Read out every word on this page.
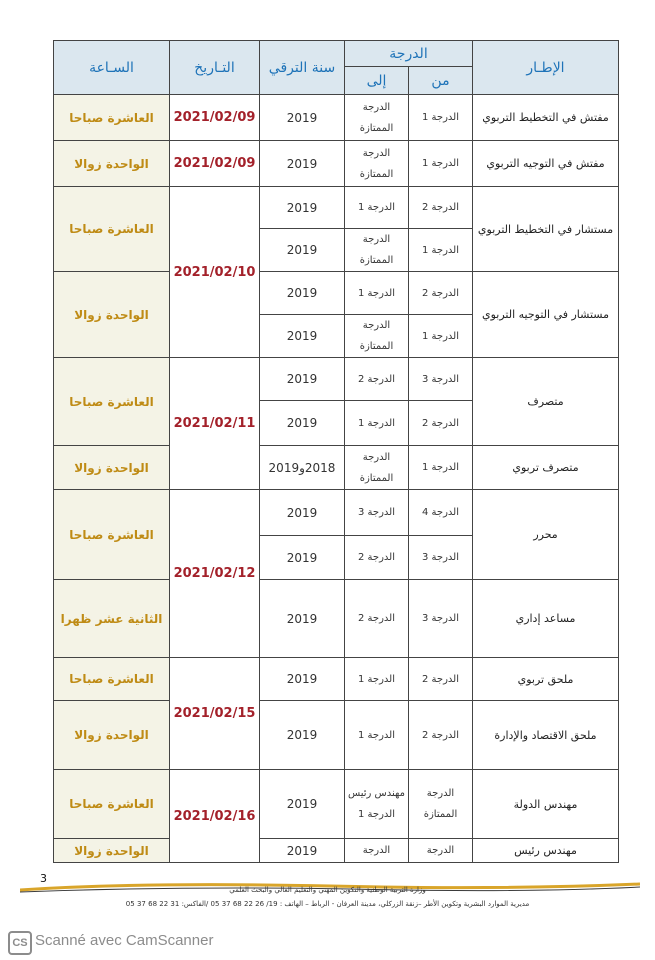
الإطـار	الدرجة		سنة الترقي	التـاريخ	السـاعة
	من	إلى			
مفتش في التخطيط التربوي	الدرجة 1	الدرجة الممتازة	2019	2021/02/09	العاشرة صباحا
مفتش في التوجيه التربوي	الدرجة 1	الدرجة الممتازة	2019	2021/02/09	الواحدة زوالا
مستشار في التخطيط التربوي	الدرجة 2	الدرجة 1	2019	2021/02/10	العاشرة صباحا
	الدرجة 1	الدرجة الممتازة	2019		
مستشار في التوجيه التربوي	الدرجة 2	الدرجة 1	2019		الواحدة زوالا
	الدرجة 1	الدرجة الممتازة	2019		
متصرف	الدرجة 3	الدرجة 2	2019	2021/02/11	العاشرة صباحا
	الدرجة 2	الدرجة 1	2019		
متصرف تربوي	الدرجة 1	الدرجة الممتازة	2018و2019		الواحدة زوالا
محرر	الدرجة 4	الدرجة 3	2019	2021/02/12	العاشرة صباحا
	الدرجة 3	الدرجة 2	2019		
مساعد إداري	الدرجة 3	الدرجة 2	2019		الثانية عشر ظهرا
ملحق تربوي	الدرجة 2	الدرجة 1	2019	2021/02/15	العاشرة صباحا
ملحق الاقتصاد والإدارة	الدرجة 2	الدرجة 1	2019		الواحدة زوالا
مهندس الدولة	الدرجة الممتازة	مهندس رئيس الدرجة 1	2019	2021/02/16	العاشرة صباحا
مهندس رئيس	الدرجة	الدرجة	2019		الواحدة زوالا
3
وزارة التربية الوطنية والتكوين المهني والتعليم العالي والبحث العلمي
مديرية الموارد البشرية وتكوين الأطر –زنقة الزركلي، مدينة العرفان - الرباط – الهاتف : 19/ 26 22 68 37 05 /الفاكس: 31 22 68 37 05
CS Scanné avec CamScanner
